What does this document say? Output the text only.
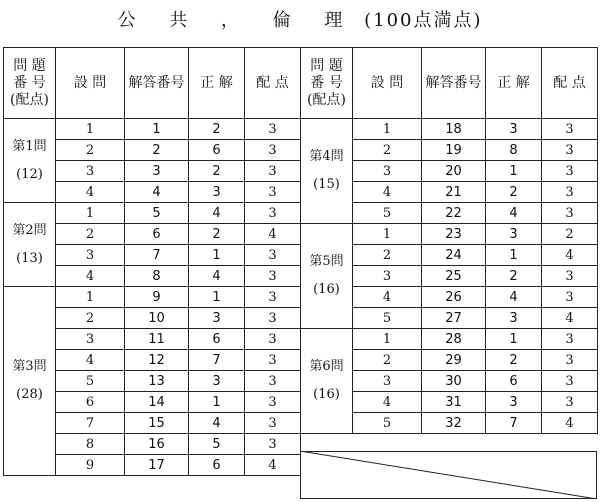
公 共 ， 倫 理 (100点満点)
問 題
番 号
(配点)	設 問	解答番号	正 解	配 点

第1問
(12)	1	1	2	3
	2	2	6	3
	3	3	2	3
	4	4	3	3

第2問
(13)	1	5	4	3
	2	6	2	4
	3	7	1	3
	4	8	4	3

第3問
(28)	1	9	1	3
	2	10	3	3
	3	11	6	3
	4	12	7	3
	5	13	3	3
	6	14	1	3
	7	15	4	3
	8	16	5	3
	9	17	6	4
問 題
番 号
(配点)	設 問	解答番号	正 解	配 点

第4問
(15)	1	18	3	3
	2	19	8	3
	3	20	1	3
	4	21	2	3
	5	22	4	3

第5問
(16)	1	23	3	2
	2	24	1	4
	3	25	2	3
	4	26	4	3
	5	27	3	4

第6問
(16)	1	28	1	3
	2	29	2	3
	3	30	6	3
	4	31	3	3
	5	32	7	4
